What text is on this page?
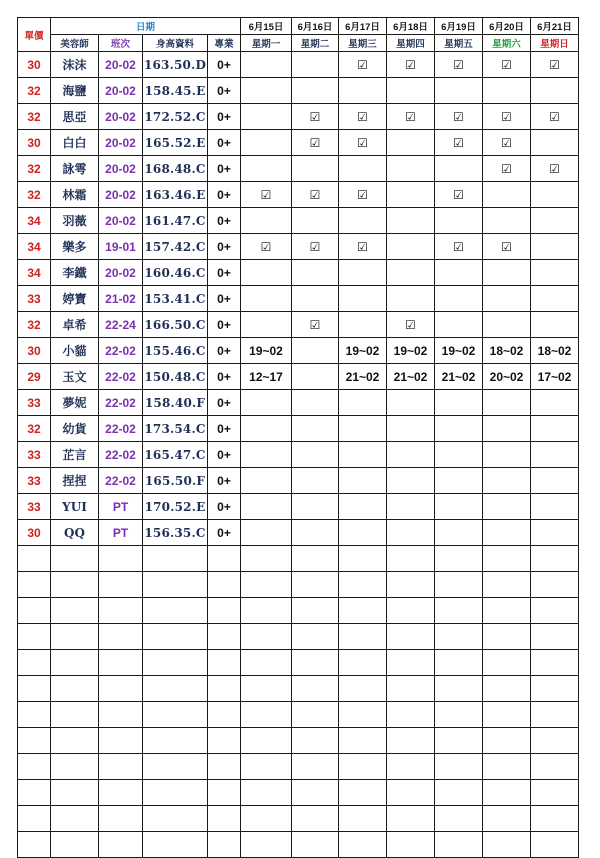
單價	日期				6月15日	6月16日	6月17日	6月18日	6月19日	6月20日	6月21日
	美容師	班次	身高資料	專業	星期一	星期二	星期三	星期四	星期五	星期六	星期日
30	沫沫	20-02	163.50.D	0+			☑	☑	☑	☑	☑
32	海鹽	20-02	158.45.E	0+							
32	思亞	20-02	172.52.C	0+		☑	☑	☑	☑	☑	☑
30	白白	20-02	165.52.E	0+		☑	☑		☑	☑	
32	詠雩	20-02	168.48.C	0+						☑	☑
32	林霜	20-02	163.46.E	0+	☑	☑	☑		☑		
34	羽薇	20-02	161.47.C	0+							
34	樂多	19-01	157.42.C	0+	☑	☑	☑		☑	☑	
34	李鐵	20-02	160.46.C	0+							
33	婷寶	21-02	153.41.C	0+							
32	卓希	22-24	166.50.C	0+		☑		☑			
30	小貓	22-02	155.46.C	0+	19~02		19~02	19~02	19~02	18~02	18~02
29	玉文	22-02	150.48.C	0+	12~17		21~02	21~02	21~02	20~02	17~02
33	夢妮	22-02	158.40.F	0+							
32	幼貨	22-02	173.54.C	0+							
33	芷言	22-02	165.47.C	0+							
33	捏捏	22-02	165.50.F	0+							
33	YUI	PT	170.52.E	0+							
30	QQ	PT	156.35.C	0+							
